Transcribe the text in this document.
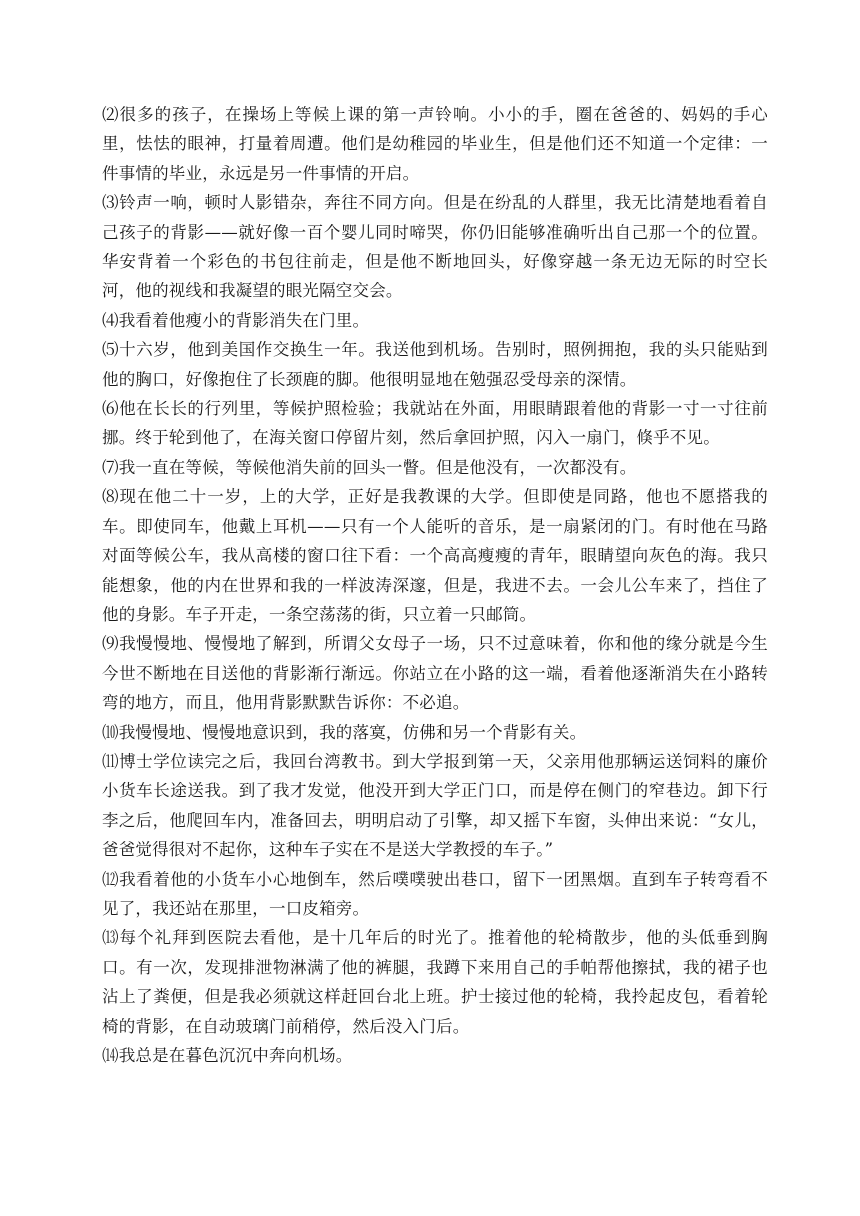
⑵很多的孩子，在操场上等候上课的第一声铃响。小小的手，圈在爸爸的、妈妈的手心里，怯怯的眼神，打量着周遭。他们是幼稚园的毕业生，但是他们还不知道一个定律：一件事情的毕业，永远是另一件事情的开启。

⑶铃声一响，顿时人影错杂，奔往不同方向。但是在纷乱的人群里，我无比清楚地看着自己孩子的背影——就好像一百个婴儿同时啼哭，你仍旧能够准确听出自己那一个的位置。华安背着一个彩色的书包往前走，但是他不断地回头，好像穿越一条无边无际的时空长河，他的视线和我凝望的眼光隔空交会。

⑷我看着他瘦小的背影消失在门里。

⑸十六岁，他到美国作交换生一年。我送他到机场。告别时，照例拥抱，我的头只能贴到他的胸口，好像抱住了长颈鹿的脚。他很明显地在勉强忍受母亲的深情。

⑹他在长长的行列里，等候护照检验；我就站在外面，用眼睛跟着他的背影一寸一寸往前挪。终于轮到他了，在海关窗口停留片刻，然后拿回护照，闪入一扇门，倏乎不见。

⑺我一直在等候，等候他消失前的回头一瞥。但是他没有，一次都没有。

⑻现在他二十一岁，上的大学，正好是我教课的大学。但即使是同路，他也不愿搭我的车。即使同车，他戴上耳机——只有一个人能听的音乐，是一扇紧闭的门。有时他在马路对面等候公车，我从高楼的窗口往下看：一个高高瘦瘦的青年，眼睛望向灰色的海。我只能想象，他的内在世界和我的一样波涛深邃，但是，我进不去。一会儿公车来了，挡住了他的身影。车子开走，一条空荡荡的街，只立着一只邮筒。

⑼我慢慢地、慢慢地了解到，所谓父女母子一场，只不过意味着，你和他的缘分就是今生今世不断地在目送他的背影渐行渐远。你站立在小路的这一端，看着他逐渐消失在小路转弯的地方，而且，他用背影默默告诉你：不必追。

⑽我慢慢地、慢慢地意识到，我的落寞，仿佛和另一个背影有关。

⑾博士学位读完之后，我回台湾教书。到大学报到第一天，父亲用他那辆运送饲料的廉价小货车长途送我。到了我才发觉，他没开到大学正门口，而是停在侧门的窄巷边。卸下行李之后，他爬回车内，准备回去，明明启动了引擎，却又摇下车窗，头伸出来说：“女儿，爸爸觉得很对不起你，这种车子实在不是送大学教授的车子。”

⑿我看着他的小货车小心地倒车，然后噗噗驶出巷口，留下一团黑烟。直到车子转弯看不见了，我还站在那里，一口皮箱旁。

⒀每个礼拜到医院去看他，是十几年后的时光了。推着他的轮椅散步，他的头低垂到胸口。有一次，发现排泄物淋满了他的裤腿，我蹲下来用自己的手帕帮他擦拭，我的裙子也沾上了粪便，但是我必须就这样赶回台北上班。护士接过他的轮椅，我拎起皮包，看着轮椅的背影，在自动玻璃门前稍停，然后没入门后。

⒁我总是在暮色沉沉中奔向机场。
